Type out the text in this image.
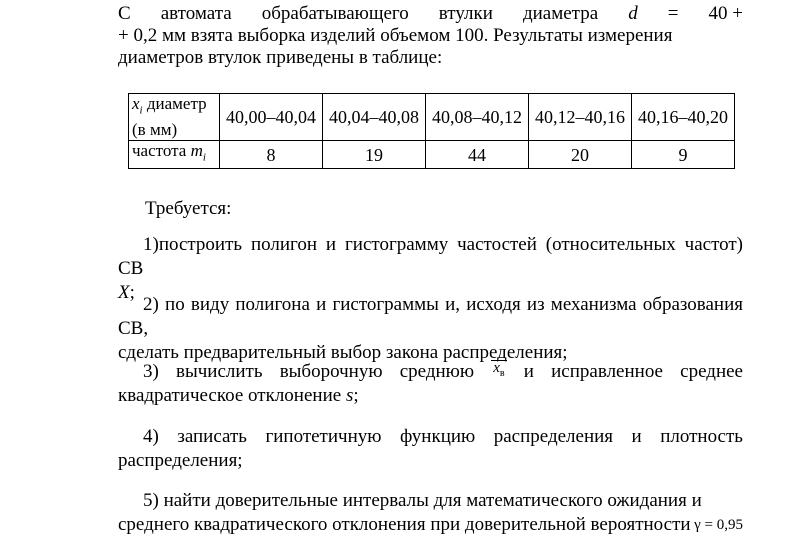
С автомата обрабатывающего втулки диаметра d = 40 +
+ 0,2 мм взята выборка изделий объемом 100. Результаты измерения
диаметров втулок приведены в таблице:
$x_i$ диаметр
(в мм)	40,00–40,04	40,04–40,08	40,08–40,12	40,12–40,16	40,16–40,20
частота $m_i$	8	19	44	20	9
Требуется:
1)построить полигон и гистограмму частостей (относительных частот) СВ
X;
2) по виду полигона и гистограммы и, исходя из механизма образования СВ,
сделать предварительный выбор закона распределения;
3) вычислить выборочную среднюю $x_в$ и исправленное среднее
квадратическое отклонение s;
4) записать гипотетичную функцию распределения и плотность
распределения;
5) найти доверительные интервалы для математического ожидания и
среднего квадратического отклонения при доверительной вероятности γ = 0,95
